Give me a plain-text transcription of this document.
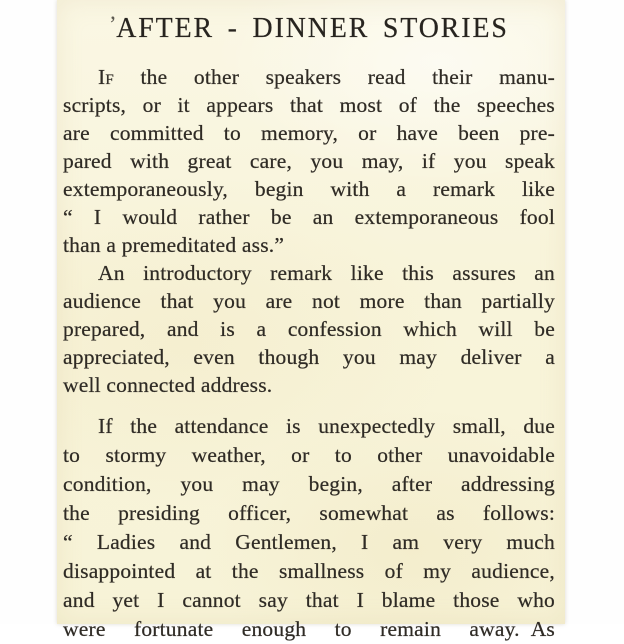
’AFTER - DINNER STORIES
If the other speakers read their manu-
scripts, or it appears that most of the speeches
are committed to memory, or have been pre-
pared with great care, you may, if you speak
extemporaneously, begin with a remark like
“ I would rather be an extemporaneous fool
than a premeditated ass.”
An introductory remark like this assures an
audience that you are not more than partially
prepared, and is a confession which will be
appreciated, even though you may deliver a
well connected address.
If the attendance is unexpectedly small, due
to stormy weather, or to other unavoidable
condition, you may begin, after addressing
the presiding officer, somewhat as follows:
“ Ladies and Gentlemen, I am very much
disappointed at the smallness of my audience,
and yet I cannot say that I blame those who
were fortunate enough to remain away. As
